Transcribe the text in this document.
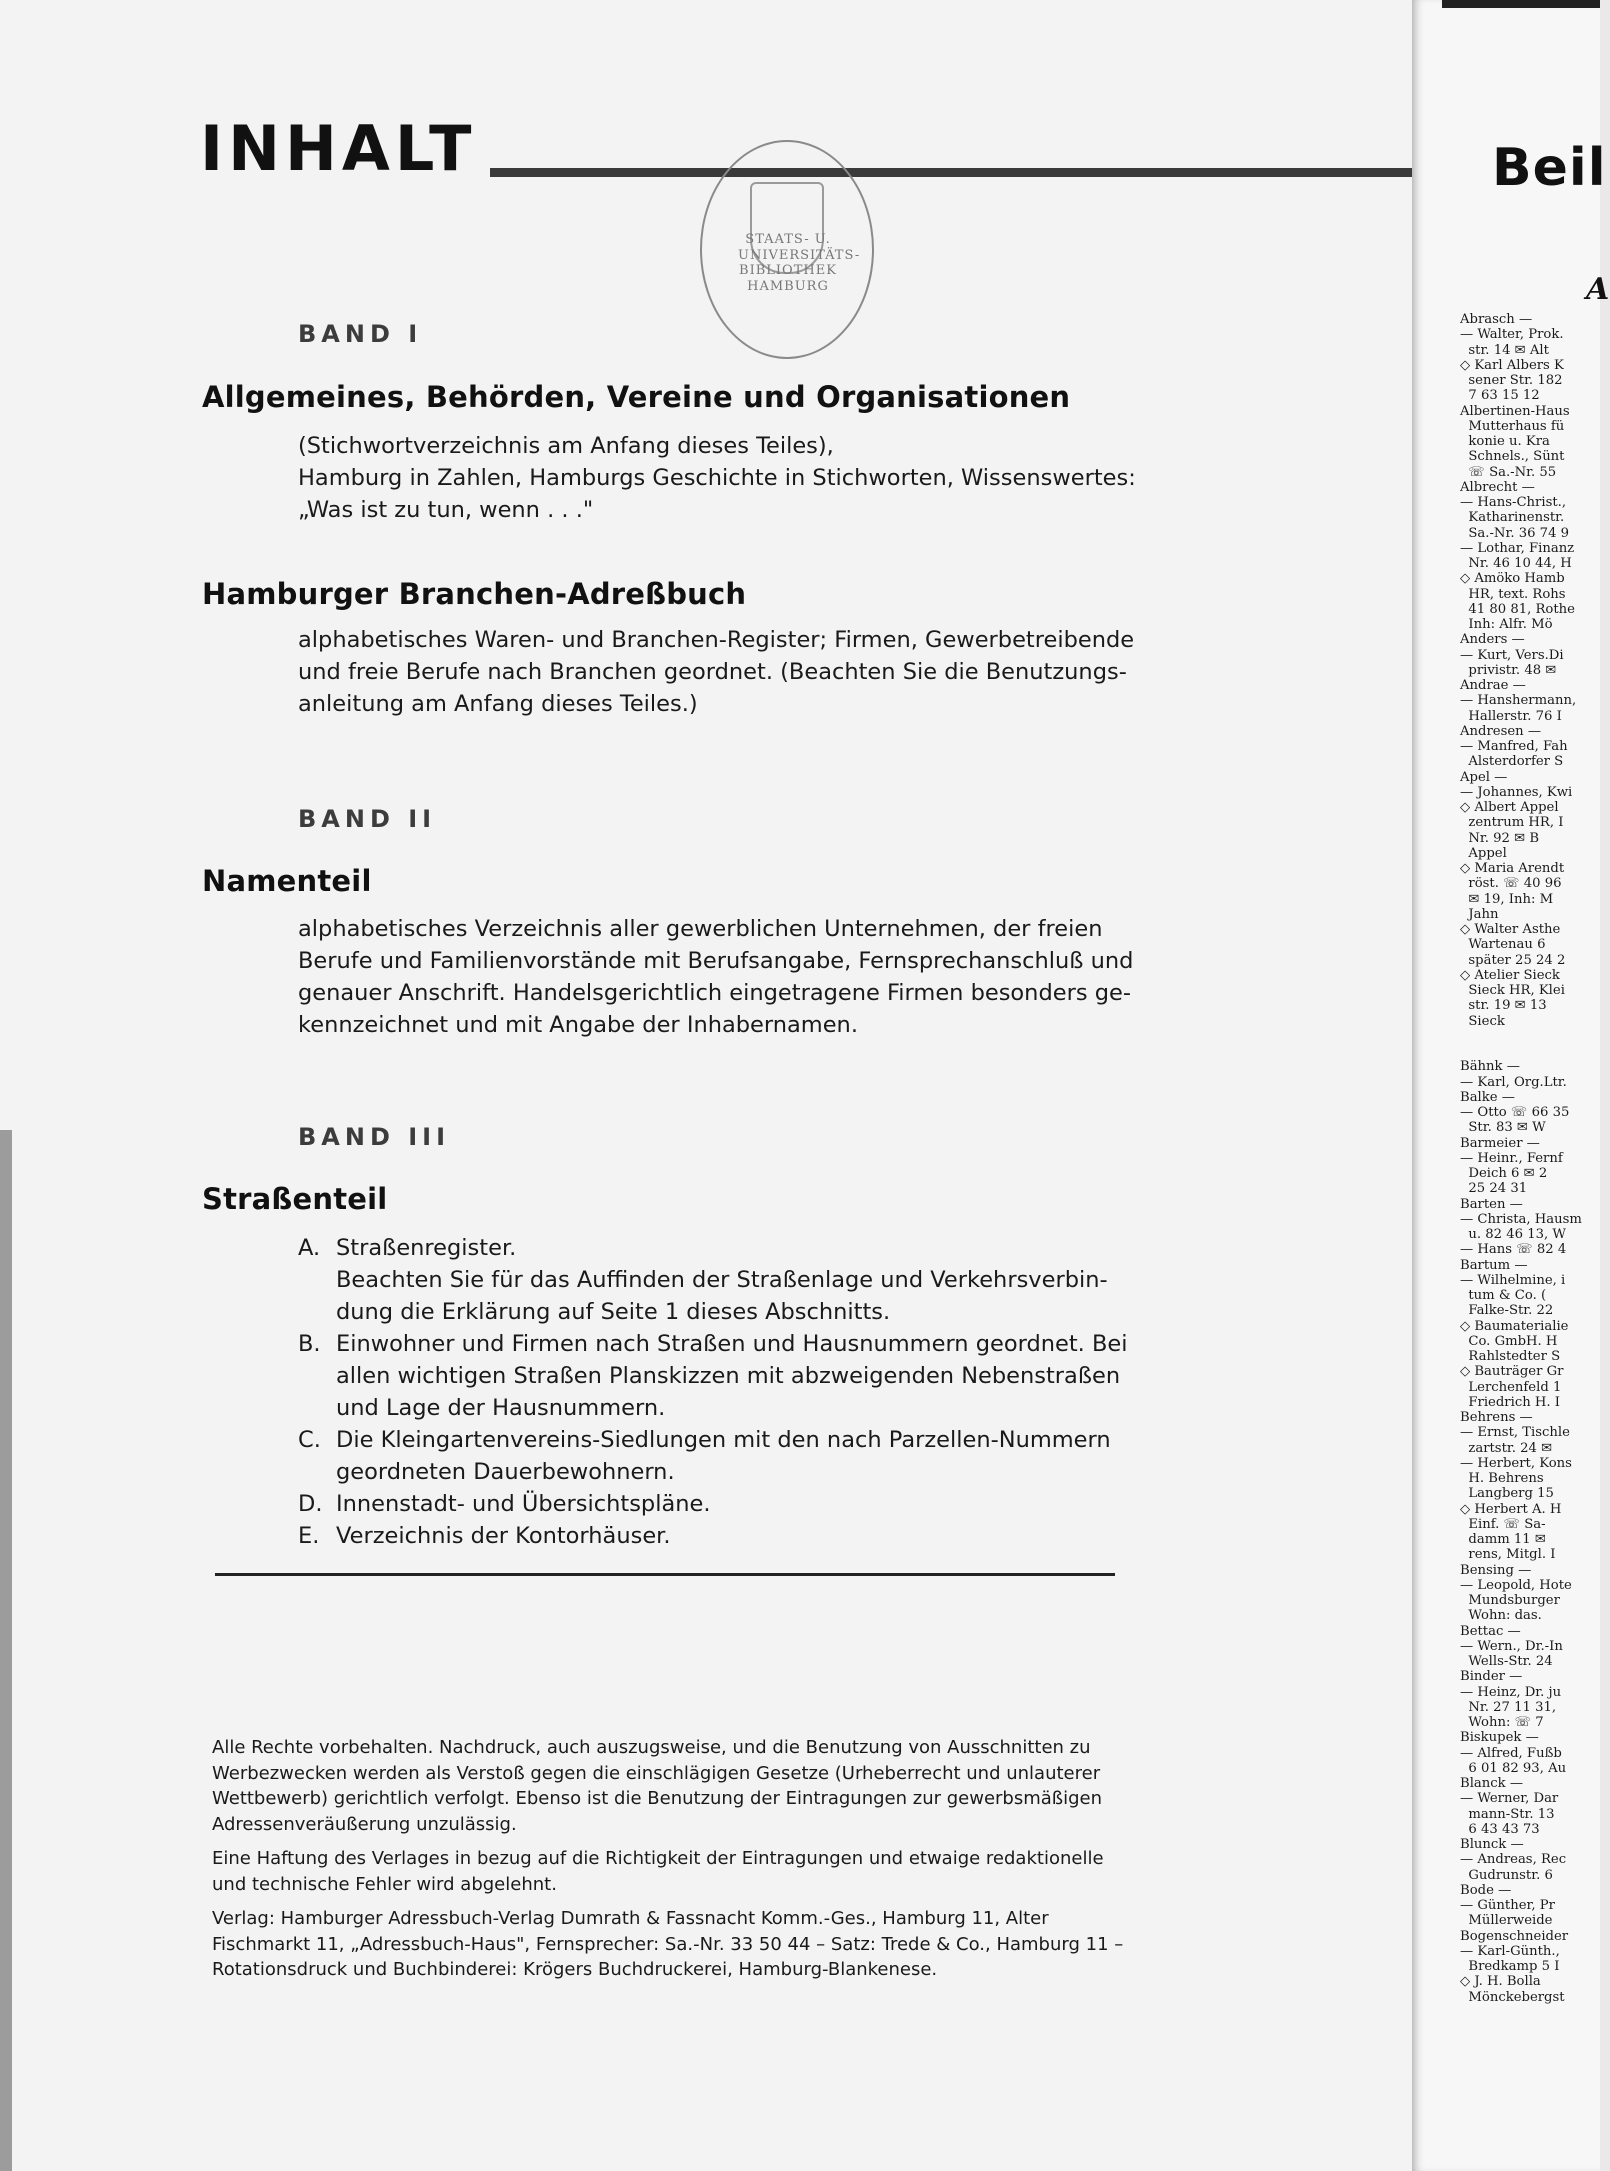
INHALT
STAATS- U. UNIVERSITÄTS-BIBLIOTHEK HAMBURG
BAND I
Allgemeines, Behörden, Vereine und Organisationen
(Stichwortverzeichnis am Anfang dieses Teiles),
Hamburg in Zahlen, Hamburgs Geschichte in Stichworten, Wissenswertes:
„Was ist zu tun, wenn . . ."
Hamburger Branchen-Adreßbuch
alphabetisches Waren- und Branchen-Register; Firmen, Gewerbetreibende
und freie Berufe nach Branchen geordnet. (Beachten Sie die Benutzungs-
anleitung am Anfang dieses Teiles.)
BAND II
Namenteil
alphabetisches Verzeichnis aller gewerblichen Unternehmen, der freien
Berufe und Familienvorstände mit Berufsangabe, Fernsprechanschluß und
genauer Anschrift. Handelsgerichtlich eingetragene Firmen besonders ge-
kennzeichnet und mit Angabe der Inhabernamen.
BAND III
Straßenteil
A. Straßenregister.
Beachten Sie für das Auffinden der Straßenlage und Verkehrsverbin-
dung die Erklärung auf Seite 1 dieses Abschnitts.
B. Einwohner und Firmen nach Straßen und Hausnummern geordnet. Bei
allen wichtigen Straßen Planskizzen mit abzweigenden Nebenstraßen
und Lage der Hausnummern.
C. Die Kleingartenvereins-Siedlungen mit den nach Parzellen-Nummern
geordneten Dauerbewohnern.
D. Innenstadt- und Übersichtspläne.
E. Verzeichnis der Kontorhäuser.
Alle Rechte vorbehalten. Nachdruck, auch auszugsweise, und die Benutzung von Ausschnitten zu
Werbezwecken werden als Verstoß gegen die einschlägigen Gesetze (Urheberrecht und unlauterer
Wettbewerb) gerichtlich verfolgt. Ebenso ist die Benutzung der Eintragungen zur gewerbsmäßigen
Adressenveräußerung unzulässig.
Eine Haftung des Verlages in bezug auf die Richtigkeit der Eintragungen und etwaige redaktionelle
und technische Fehler wird abgelehnt.
Verlag: Hamburger Adressbuch-Verlag Dumrath & Fassnacht Komm.-Ges., Hamburg 11, Alter
Fischmarkt 11, „Adressbuch-Haus", Fernsprecher: Sa.-Nr. 33 50 44 – Satz: Trede & Co., Hamburg 11 –
Rotationsdruck und Buchbinderei: Krögers Buchdruckerei, Hamburg-Blankenese.
Beil
A
Abrasch —
— Walter, Prok.
str. 14 ✉ Alt
◇ Karl Albers K
sener Str. 182
7 63 15 12
Albertinen-Haus
Mutterhaus fü
konie u. Kra
Schnels., Sünt
☏ Sa.-Nr. 55
Albrecht —
— Hans-Christ.,
Katharinenstr.
Sa.-Nr. 36 74 9
— Lothar, Finanz
Nr. 46 10 44, H
◇ Amöko Hamb
HR, text. Rohs
41 80 81, Rothe
Inh: Alfr. Mö
Anders —
— Kurt, Vers.Di
privistr. 48 ✉
Andrae —
— Hanshermann,
Hallerstr. 76 I
Andresen —
— Manfred, Fah
Alsterdorfer S
Apel —
— Johannes, Kwi
◇ Albert Appel
zentrum HR, I
Nr. 92 ✉ B
Appel
◇ Maria Arendt
röst. ☏ 40 96
✉ 19, Inh: M
Jahn
◇ Walter Asthe
Wartenau 6
später 25 24 2
◇ Atelier Sieck
Sieck HR, Klei
str. 19 ✉ 13
Sieck

Bähnk —
— Karl, Org.Ltr.
Balke —
— Otto ☏ 66 35
Str. 83 ✉ W
Barmeier —
— Heinr., Fernf
Deich 6 ✉ 2
25 24 31
Barten —
— Christa, Hausm
u. 82 46 13, W
— Hans ☏ 82 4
Bartum —
— Wilhelmine, i
tum & Co. (
Falke-Str. 22
◇ Baumaterialie
Co. GmbH. H
Rahlstedter S
◇ Bauträger Gr
Lerchenfeld 1
Friedrich H. I
Behrens —
— Ernst, Tischle
zartstr. 24 ✉
— Herbert, Kons
H. Behrens
Langberg 15
◇ Herbert A. H
Einf. ☏ Sa-
damm 11 ✉
rens, Mitgl. I
Bensing —
— Leopold, Hote
Mundsburger
Wohn: das.
Bettac —
— Wern., Dr.-In
Wells-Str. 24
Binder —
— Heinz, Dr. ju
Nr. 27 11 31,
Wohn: ☏ 7
Biskupek —
— Alfred, Fußb
6 01 82 93, Au
Blanck —
— Werner, Dar
mann-Str. 13
6 43 43 73
Blunck —
— Andreas, Rec
Gudrunstr. 6
Bode —
— Günther, Pr
Müllerweide
Bogenschneider
— Karl-Günth.,
Bredkamp 5 I
◇ J. H. Bolla
Mönckebergst
